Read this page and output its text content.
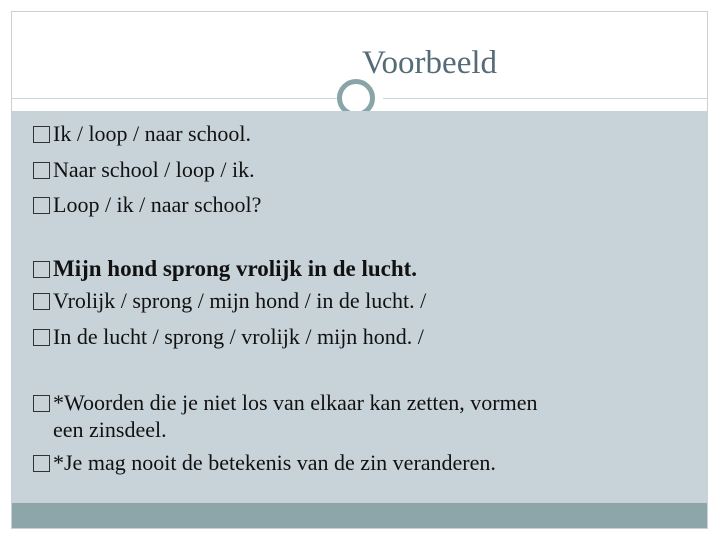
Voorbeeld
Ik / loop / naar school.
Naar school / loop / ik.
Loop / ik / naar school?
Mijn hond sprong vrolijk in de lucht.
Vrolijk / sprong / mijn hond / in de lucht. /
In de lucht / sprong / vrolijk / mijn hond. /
*Woorden die je niet los van elkaar kan zetten, vormen
een zinsdeel.
*Je mag nooit de betekenis van de zin veranderen.
